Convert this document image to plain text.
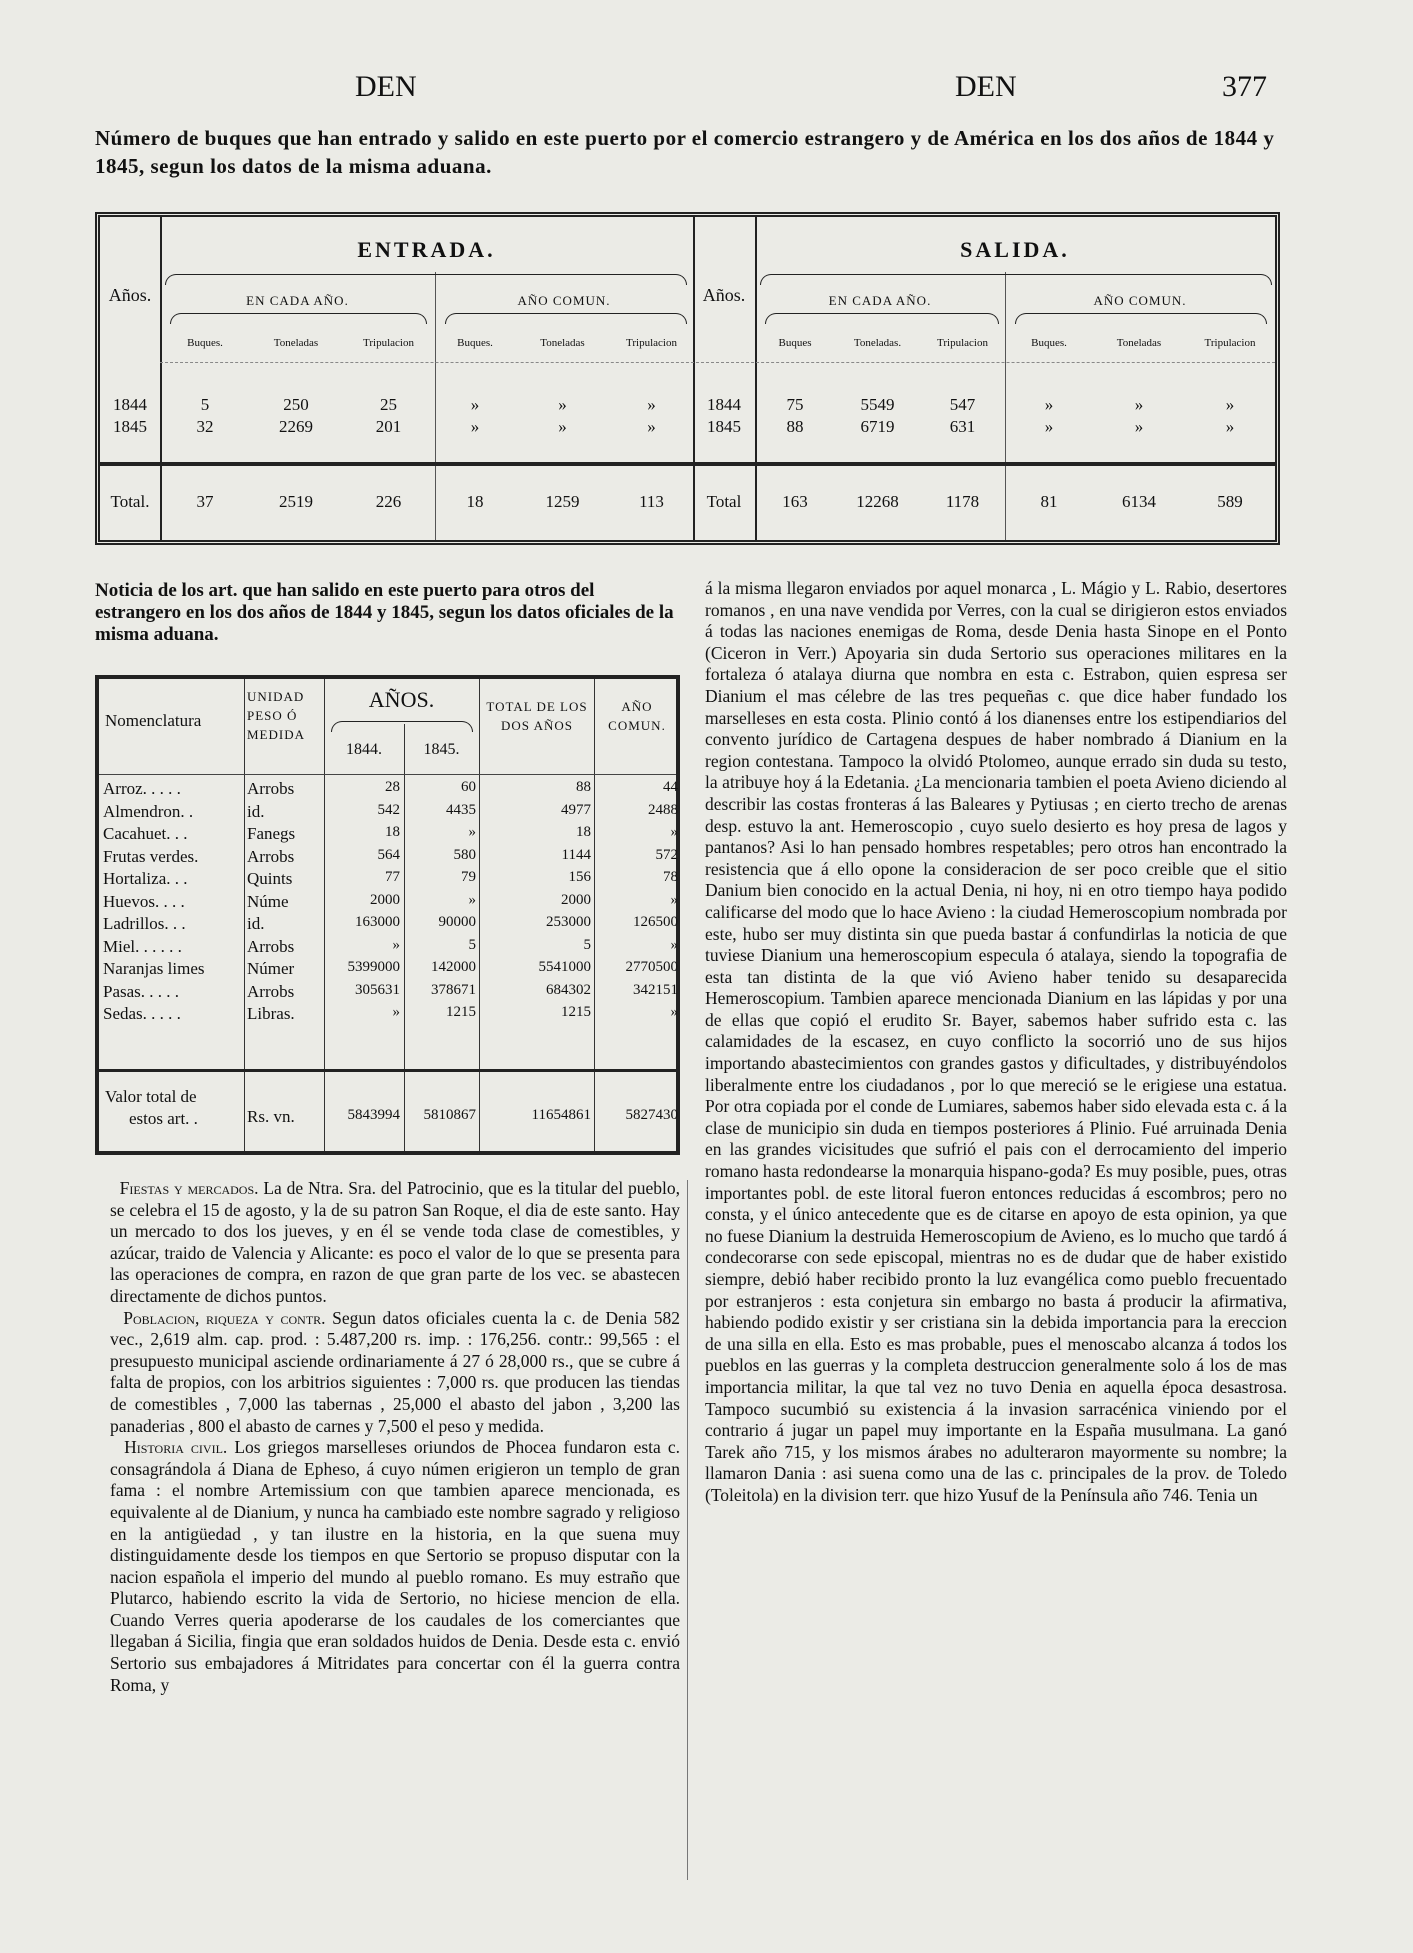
DEN	DEN	377
Número de buques que han entrado y salido en este puerto por el comercio estrangero y de América en los dos años de 1844 y 1845, segun los datos de la misma aduana.
Años.
ENTRADA.
EN CADA AÑO.	AÑO COMUN.
Buques.	Toneladas	Tripulacion	Buques.	Toneladas	Tripulacion
Años.
SALIDA.
EN CADA AÑO.	AÑO COMUN.
Buques	Toneladas.	Tripulacion	Buques.	Toneladas	Tripulacion
1844	5	250	25	»	»	»	1844	75	5549	547	»	»	»
1845	32	2269	201	»	»	»	1845	88	6719	631	»	»	»
Total.	37	2519	226	18	1259	113	Total	163	12268	1178	81	6134	589
Noticia de los art. que han salido en este puerto para otros del estrangero en los dos años de 1844 y 1845, segun los datos oficiales de la misma aduana.
Nomenclatura
UNIDAD PESO Ó MEDIDA
AÑOS.
1844.	1845.
TOTAL DE LOS DOS AÑOS
AÑO COMUN.
Arroz. . . . .	Arrobs	28	60	88	44
Almendron. .	id.	542	4435	4977	2488
Cacahuet. . .	Fanegs	18	»	18	»
Frutas verdes.	Arrobs	564	580	1144	572
Hortaliza. . .	Quints	77	79	156	78
Huevos. . . .	Núme	2000	»	2000	»
Ladrillos. . .	id.	163000	90000	253000	126500
Miel. . . . . .	Arrobs	»	5	5	»
Naranjas limes	Númer	5399000	142000	5541000	2770500
Pasas. . . . .	Arrobs	305631	378671	684302	342151
Sedas. . . . .	Libras.	»	1215	1215	»
Valor total de
estos art. .	Rs. vn.	5843994	5810867	11654861	5827430

Fiestas y mercados. La de Ntra. Sra. del Patrocinio, que es la titular del pueblo, se celebra el 15 de agosto, y la de su patron San Roque, el dia de este santo. Hay un mercado to dos los jueves, y en él se vende toda clase de comestibles, y azúcar, traido de Valencia y Alicante: es poco el valor de lo que se presenta para las operaciones de compra, en razon de que gran parte de los vec. se abastecen directamente de dichos puntos.

Poblacion, riqueza y contr. Segun datos oficiales cuenta la c. de Denia 582 vec., 2,619 alm. cap. prod. : 5.487,200 rs. imp. : 176,256. contr.: 99,565 : el presupuesto municipal asciende ordinariamente á 27 ó 28,000 rs., que se cubre á falta de propios, con los arbitrios siguientes : 7,000 rs. que producen las tiendas de comestibles , 7,000 las tabernas , 25,000 el abasto del jabon , 3,200 las panaderias , 800 el abasto de carnes y 7,500 el peso y medida.

Historia civil. Los griegos marselleses oriundos de Phocea fundaron esta c. consagrándola á Diana de Epheso, á cuyo númen erigieron un templo de gran fama : el nombre Artemissium con que tambien aparece mencionada, es equivalente al de Dianium, y nunca ha cambiado este nombre sagrado y religioso en la antigüedad , y tan ilustre en la historia, en la que suena muy distinguidamente desde los tiempos en que Sertorio se propuso disputar con la nacion española el imperio del mundo al pueblo romano. Es muy estraño que Plutarco, habiendo escrito la vida de Sertorio, no hiciese mencion de ella. Cuando Verres queria apoderarse de los caudales de los comerciantes que llegaban á Sicilia, fingia que eran soldados huidos de Denia. Desde esta c. envió Sertorio sus embajadores á Mitridates para concertar con él la guerra contra Roma, y

á la misma llegaron enviados por aquel monarca , L. Mágio y L. Rabio, desertores romanos , en una nave vendida por Verres, con la cual se dirigieron estos enviados á todas las naciones enemigas de Roma, desde Denia hasta Sinope en el Ponto (Ciceron in Verr.) Apoyaria sin duda Sertorio sus operaciones militares en la fortaleza ó atalaya diurna que nombra en esta c. Estrabon, quien espresa ser Dianium el mas célebre de las tres pequeñas c. que dice haber fundado los marselleses en esta costa. Plinio contó á los dianenses entre los estipendiarios del convento jurídico de Cartagena despues de haber nombrado á Dianium en la region contestana. Tampoco la olvidó Ptolomeo, aunque errado sin duda su testo, la atribuye hoy á la Edetania. ¿La mencionaria tambien el poeta Avieno diciendo al describir las costas fronteras á las Baleares y Pytiusas ; en cierto trecho de arenas desp. estuvo la ant. Hemeroscopio , cuyo suelo desierto es hoy presa de lagos y pantanos? Asi lo han pensado hombres respetables; pero otros han encontrado la resistencia que á ello opone la consideracion de ser poco creible que el sitio Danium bien conocido en la actual Denia, ni hoy, ni en otro tiempo haya podido calificarse del modo que lo hace Avieno : la ciudad Hemeroscopium nombrada por este, hubo ser muy distinta sin que pueda bastar á confundirlas la noticia de que tuviese Dianium una hemeroscopium especula ó atalaya, siendo la topografia de esta tan distinta de la que vió Avieno haber tenido su desaparecida Hemeroscopium. Tambien aparece mencionada Dianium en las lápidas y por una de ellas que copió el erudito Sr. Bayer, sabemos haber sufrido esta c. las calamidades de la escasez, en cuyo conflicto la socorrió uno de sus hijos importando abastecimientos con grandes gastos y dificultades, y distribuyéndolos liberalmente entre los ciudadanos , por lo que mereció se le erigiese una estatua. Por otra copiada por el conde de Lumiares, sabemos haber sido elevada esta c. á la clase de municipio sin duda en tiempos posteriores á Plinio. Fué arruinada Denia en las grandes vicisitudes que sufrió el pais con el derrocamiento del imperio romano hasta redondearse la monarquia hispano-goda? Es muy posible, pues, otras importantes pobl. de este litoral fueron entonces reducidas á escombros; pero no consta, y el único antecedente que es de citarse en apoyo de esta opinion, ya que no fuese Dianium la destruida Hemeroscopium de Avieno, es lo mucho que tardó á condecorarse con sede episcopal, mientras no es de dudar que de haber existido siempre, debió haber recibido pronto la luz evangélica como pueblo frecuentado por estranjeros : esta conjetura sin embargo no basta á producir la afirmativa, habiendo podido existir y ser cristiana sin la debida importancia para la ereccion de una silla en ella. Esto es mas probable, pues el menoscabo alcanza á todos los pueblos en las guerras y la completa destruccion generalmente solo á los de mas importancia militar, la que tal vez no tuvo Denia en aquella época desastrosa. Tampoco sucumbió su existencia á la invasion sarracénica viniendo por el contrario á jugar un papel muy importante en la España musulmana. La ganó Tarek año 715, y los mismos árabes no adulteraron mayormente su nombre; la llamaron Dania : asi suena como una de las c. principales de la prov. de Toledo (Toleitola) en la division terr. que hizo Yusuf de la Península año 746. Tenia un
